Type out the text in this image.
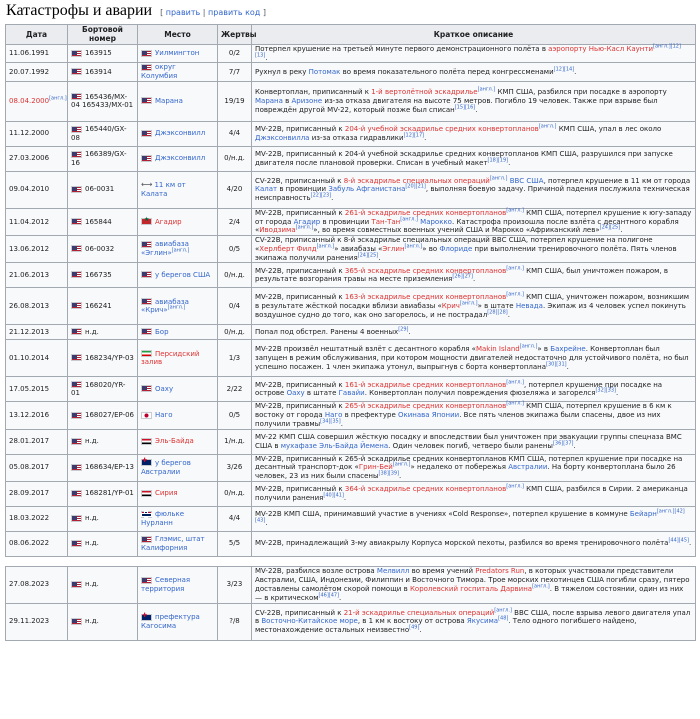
Катастрофы и аварии [ править | править код ]
Дата	Бортовой номер	Место	Жертвы	Краткое описание
11.06.1991	163915	Уилмингтон	0/2	Потерпел крушение на третьей минуте первого демонстрационного полёта в аэропорту Нью-Касл Каунти[англ.][12][13].
20.07.1992	163914	округ Колумбия	7/7	Рухнул в реку Потомак во время показательного полёта перед конгрессменами[12][14].
08.04.2000[англ.]	165436/MX-04 165433/MX-01	Марана	19/19	Конвертоплан, приписанный к 1-й вертолётной эскадрилье[англ.] КМП США, разбился при посадке в аэропорту Марана в Аризоне из-за отказа двигателя на высоте 75 метров. Погибло 19 человек. Также при взрыве был повреждён другой MV-22, который позже был списан[15][16].
11.12.2000	165440/GX-08	Джэксонвилл	4/4	MV-22B, приписанный к 204-й учебной эскадрилье средних конвертопланов[англ.] КМП США, упал в лес около Джэксонвилла из-за отказа гидравлики[12][17].
27.03.2006	166389/GX-16	Джэксонвилл	0/н.д.	MV-22B, приписанный к 204-й учебной эскадрилье средних конвертопланов КМП США, разрушился при запуске двигателя после плановой проверки. Списан в учебный макет[18][19].
09.04.2010	06-0031	⟷ 11 км от Калата	4/20	CV-22B, приписанный к 8-й эскадрилье специальных операций[англ.] ВВС США, потерпел крушение в 11 км от города Калат в провинции Забуль Афганистана[20][21], выполняя боевую задачу. Причиной падения послужила техническая неисправность[22][23].
11.04.2012	165844	★Агадир	2/4	MV-22B, приписанный к 261-й эскадрилье средних конвертопланов[англ.] КМП США, потерпел крушение к югу-западу от города Агадир в провинции Тан-Тан[англ.] Марокко. Катастрофа произошла после взлёта с десантного корабля «Иводзима[англ.]», во время совместных военных учений США и Марокко «Африканский лев»[24][25].
13.06.2012	06-0032	авиабаза «Эглин»[англ.]	0/5	CV-22B, приписанный к 8-й эскадрилье специальных операций ВВС США, потерпел крушение на полигоне «Херлберт Филд[англ.]» авиабазы «Эглин[англ.]» во Флориде при выполнении тренировочного полёта. Пять членов экипажа получили ранения[24][25].
21.06.2013	166735	у берегов США	0/н.д.	MV-22B, приписанный к 365-й эскадрилье средних конвертопланов[англ.] КМП США, был уничтожен пожаром, в результате возгорания травы на месте приземления[26][27].
26.08.2013	166241	авиабаза «Крич»[англ.]	0/4	MV-22B, приписанный к 163-й эскадрилье средних конвертопланов[англ.] КМП США, уничтожен пожаром, возникшим в результате жёсткой посадки вблизи авиабазы «Крич[англ.]» в штате Невада. Экипаж из 4 человек успел покинуть воздушное судно до того, как оно загорелось, и не пострадал[28][28].
21.12.2013	н.д.	Бор	0/н.д.	Попал под обстрел. Ранены 4 военных[29].
01.10.2014	168234/YP-03	Персидский залив	1/3	MV-22B произвёл нештатный взлёт с десантного корабля «Makin Island[англ.]» в Бахрейне. Конвертоплан был запущен в режим обслуживания, при котором мощности двигателей недостаточно для устойчивого полёта, но был успешно посажен. 1 член экипажа утонул, выпрыгнув с борта конвертоплана[30][31].
17.05.2015	168020/YR-01	Оаху	2/22	MV-22B, приписанный к 161-й эскадрилье средних конвертопланов[англ.], потерпел крушение при посадке на острове Оаху в штате Гавайи. Конвертоплан получил повреждения фюзеляжа и загорелся[32][33].
13.12.2016	168027/EP-06	Наго	0/5	MV-22B, приписанный к 265-й эскадрилье средних конвертопланов[англ.] КМП США, потерпел крушение в 6 км к востоку от города Наго в префектуре Окинава Японии. Все пять членов экипажа были спасены, двое из них получили травмы[34][35].
28.01.2017	н.д.	Эль-Байда	1/н.д.	MV-22 КМП США совершил жёсткую посадку и впоследствии был уничтожен при эвакуации группы спецназа ВМС США в мухафазе Эль-Байда Йемена. Один человек погиб, четверо были ранены[36][37].
05.08.2017	168634/EP-13	✚у берегов Австралии	3/26	MV-22B, приписанный к 265-й эскадрилье средних конвертопланов КМП США, потерпел крушение при посадке на десантный транспорт-док «Грин-Бей[англ.]» недалеко от побережья Австралии. На борту конвертоплана было 26 человек, 23 из них были спасены[38][39].
28.09.2017	168281/YP-01	Сирия	0/н.д.	MV-22B, приписанный к 364-й эскадрилье средних конвертопланов[англ.] КМП США, разбился в Сирии. 2 американца получили ранения[40][41].
18.03.2022	н.д.	фюльке Нурланн	4/4	MV-22B КМП США, принимавший участие в учениях «Cold Response», потерпел крушение в коммуне Бейарн[англ.][42][43].
08.06.2022	н.д.	Глэмис, штат Калифорния	5/5	MV-22B, принадлежащий 3-му авиакрылу Корпуса морской пехоты, разбился во время тренировочного полёта[44][45].

27.08.2023	н.д.	Северная территория	3/23	MV-22B, разбился возле острова Мелвилл во время учений Predators Run, в которых участвовали представители Австралии, США, Индонезии, Филиппин и Восточного Тимора. Трое морских пехотинцев США погибли сразу, пятеро доставлены самолётом скорой помощи в Королевский госпиталь Дарвина[англ.]. В тяжелом состоянии, один из них — в критическом[46][47].
29.11.2023	н.д.	✚префектура Кагосима	?/8	CV-22B, приписанный к 21-й эскадрилье специальных операций[англ.] ВВС США, после взрыва левого двигателя упал в Восточно-Китайское море, в 1 км к востоку от острова Якусима[48]. Тело одного погибшего найдено, местонахождение остальных неизвестно[49].
